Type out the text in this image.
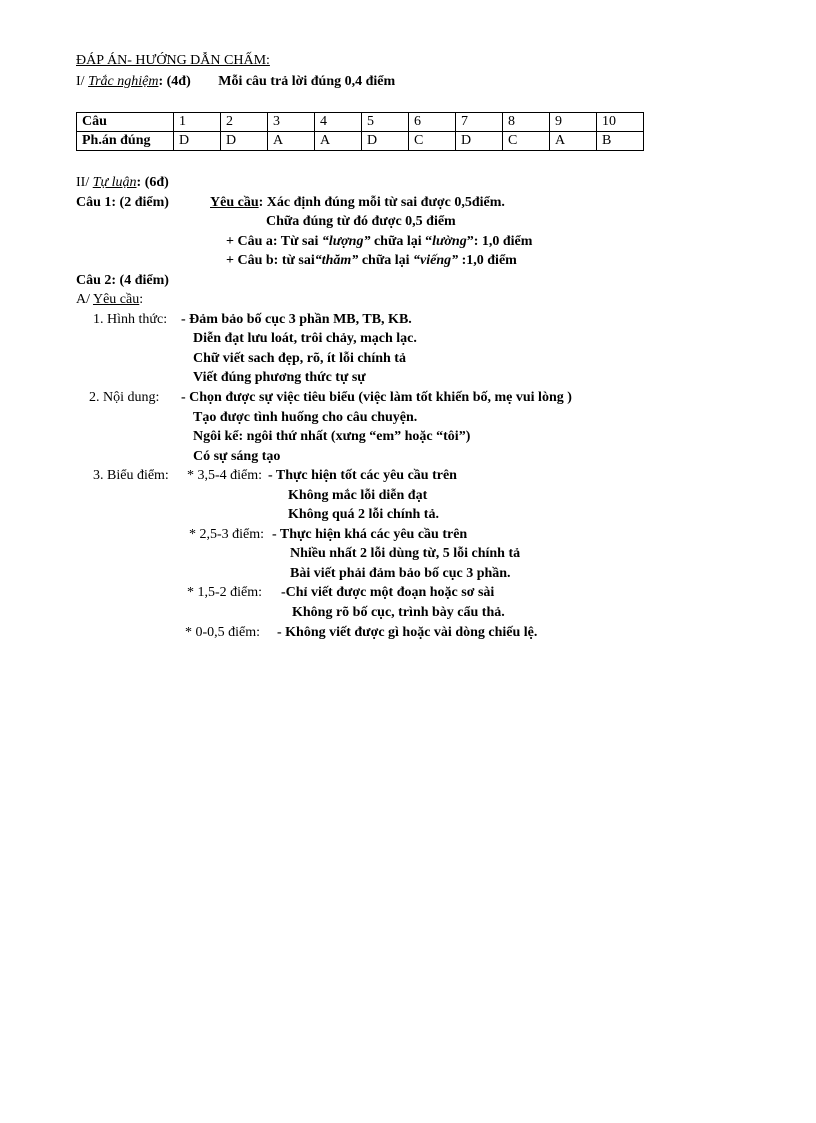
ĐÁP ÁN- HƯỚNG DẪN CHẤM:
I/ Trắc nghiệm: (4đ) Mỗi câu trả lời đúng 0,4 điểm
Câu	1	2	3	4	5	6	7	8	9	10
Ph.án đúng	D	D	A	A	D	C	D	C	A	B
II/ Tự luận: (6đ)
Câu 1: (2 điểm)	Yêu cầu: Xác định đúng mỗi từ sai được 0,5điểm.
Chữa đúng từ đó được 0,5 điểm
+ Câu a: Từ sai “lượng” chữa lại “lường”: 1,0 điểm
+ Câu b: từ sai“thăm” chữa lại “viếng” :1,0 điểm
Câu 2: (4 điểm)
A/ Yêu cầu:
1. Hình thức: - Đảm bảo bố cục 3 phần MB, TB, KB.
Diễn đạt lưu loát, trôi chảy, mạch lạc.
Chữ viết sach đẹp, rõ, ít lỗi chính tả
Viết đúng phương thức tự sự
2. Nội dung: - Chọn được sự việc tiêu biểu (việc làm tốt khiến bố, mẹ vui lòng )
Tạo được tình huống cho câu chuyện.
Ngôi kể: ngôi thứ nhất (xưng “em” hoặc “tôi”)
Có sự sáng tạo
3. Biểu điểm: * 3,5-4 điểm: - Thực hiện tốt các yêu cầu trên
Không mắc lỗi diễn đạt
Không quá 2 lỗi chính tả.
* 2,5-3 điểm: - Thực hiện khá các yêu cầu trên
Nhiều nhất 2 lỗi dùng từ, 5 lỗi chính tả
Bài viết phải đảm bảo bố cục 3 phần.
* 1,5-2 điểm: -Chỉ viết được một đoạn hoặc sơ sài
Không rõ bố cục, trình bày cẩu thả.
* 0-0,5 điểm: - Không viết được gì hoặc vài dòng chiếu lệ.
